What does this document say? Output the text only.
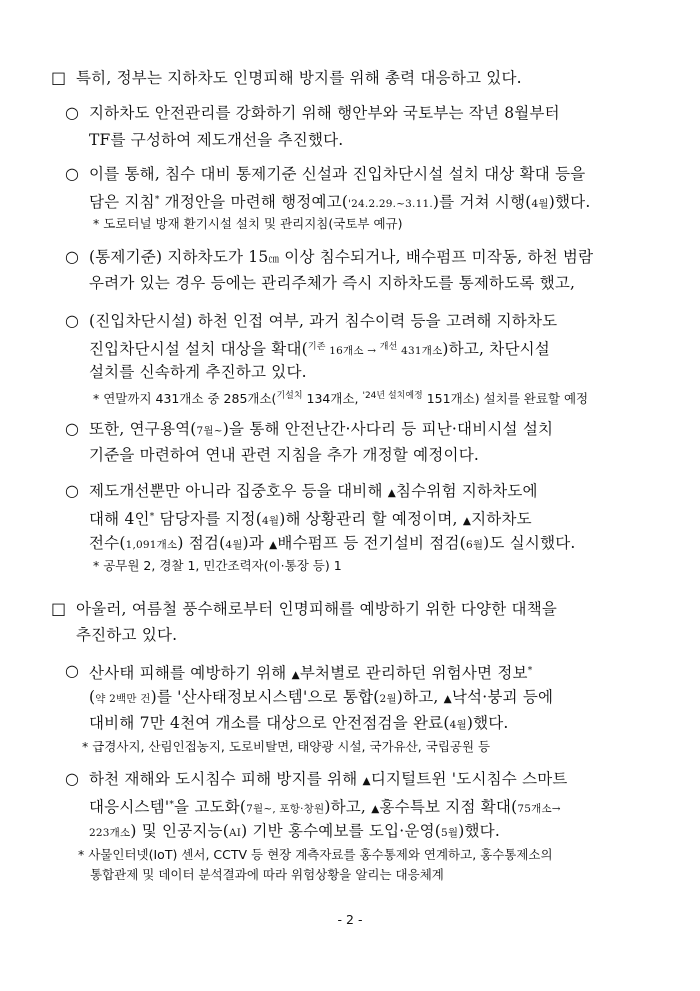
□ 특히, 정부는 지하차도 인명피해 방지를 위해 총력 대응하고 있다.
○ 지하차도 안전관리를 강화하기 위해 행안부와 국토부는 작년 8월부터
TF를 구성하여 제도개선을 추진했다.
○ 이를 통해, 침수 대비 통제기준 신설과 진입차단시설 설치 대상 확대 등을
담은 지침* 개정안을 마련해 행정예고('24.2.29.~3.11.)를 거쳐 시행(4월)했다.
* 도로터널 방재 환기시설 설치 및 관리지침(국토부 예규)
○ (통제기준) 지하차도가 15㎝ 이상 침수되거나, 배수펌프 미작동, 하천 범람
우려가 있는 경우 등에는 관리주체가 즉시 지하차도를 통제하도록 했고,
○ (진입차단시설) 하천 인접 여부, 과거 침수이력 등을 고려해 지하차도
진입차단시설 설치 대상을 확대($^{기존}$ 16개소 → $^{개선}$ 431개소)하고, 차단시설
설치를 신속하게 추진하고 있다.
* 연말까지 431개소 중 285개소($^{기설치}$ 134개소, $^{'24년 설치예정}$ 151개소) 설치를 완료할 예정
○ 또한, 연구용역(7월~)을 통해 안전난간·사다리 등 피난·대비시설 설치
기준을 마련하여 연내 관련 지침을 추가 개정할 예정이다.
○ 제도개선뿐만 아니라 집중호우 등을 대비해 ▲침수위험 지하차도에
대해 4인* 담당자를 지정(4월)해 상황관리 할 예정이며, ▲지하차도
전수(1,091개소) 점검(4월)과 ▲배수펌프 등 전기설비 점검(6월)도 실시했다.
* 공무원 2, 경찰 1, 민간조력자(이·통장 등) 1
□ 아울러, 여름철 풍수해로부터 인명피해를 예방하기 위한 다양한 대책을
추진하고 있다.
○ 산사태 피해를 예방하기 위해 ▲부처별로 관리하던 위험사면 정보*
(약 2백만 건)를 '산사태정보시스템'으로 통합(2월)하고, ▲낙석·붕괴 등에
대비해 7만 4천여 개소를 대상으로 안전점검을 완료(4월)했다.
* 급경사지, 산림인접농지, 도로비탈면, 태양광 시설, 국가유산, 국립공원 등
○ 하천 재해와 도시침수 피해 방지를 위해 ▲디지털트윈 '도시침수 스마트
대응시스템'*을 고도화(7월~, 포항·창원)하고, ▲홍수특보 지점 확대(75개소→
223개소) 및 인공지능(AI) 기반 홍수예보를 도입·운영(5월)했다.
* 사물인터넷(IoT) 센서, CCTV 등 현장 계측자료를 홍수통제와 연계하고, 홍수통제소의
통합관제 및 데이터 분석결과에 따라 위험상황을 알리는 대응체계
- 2 -
